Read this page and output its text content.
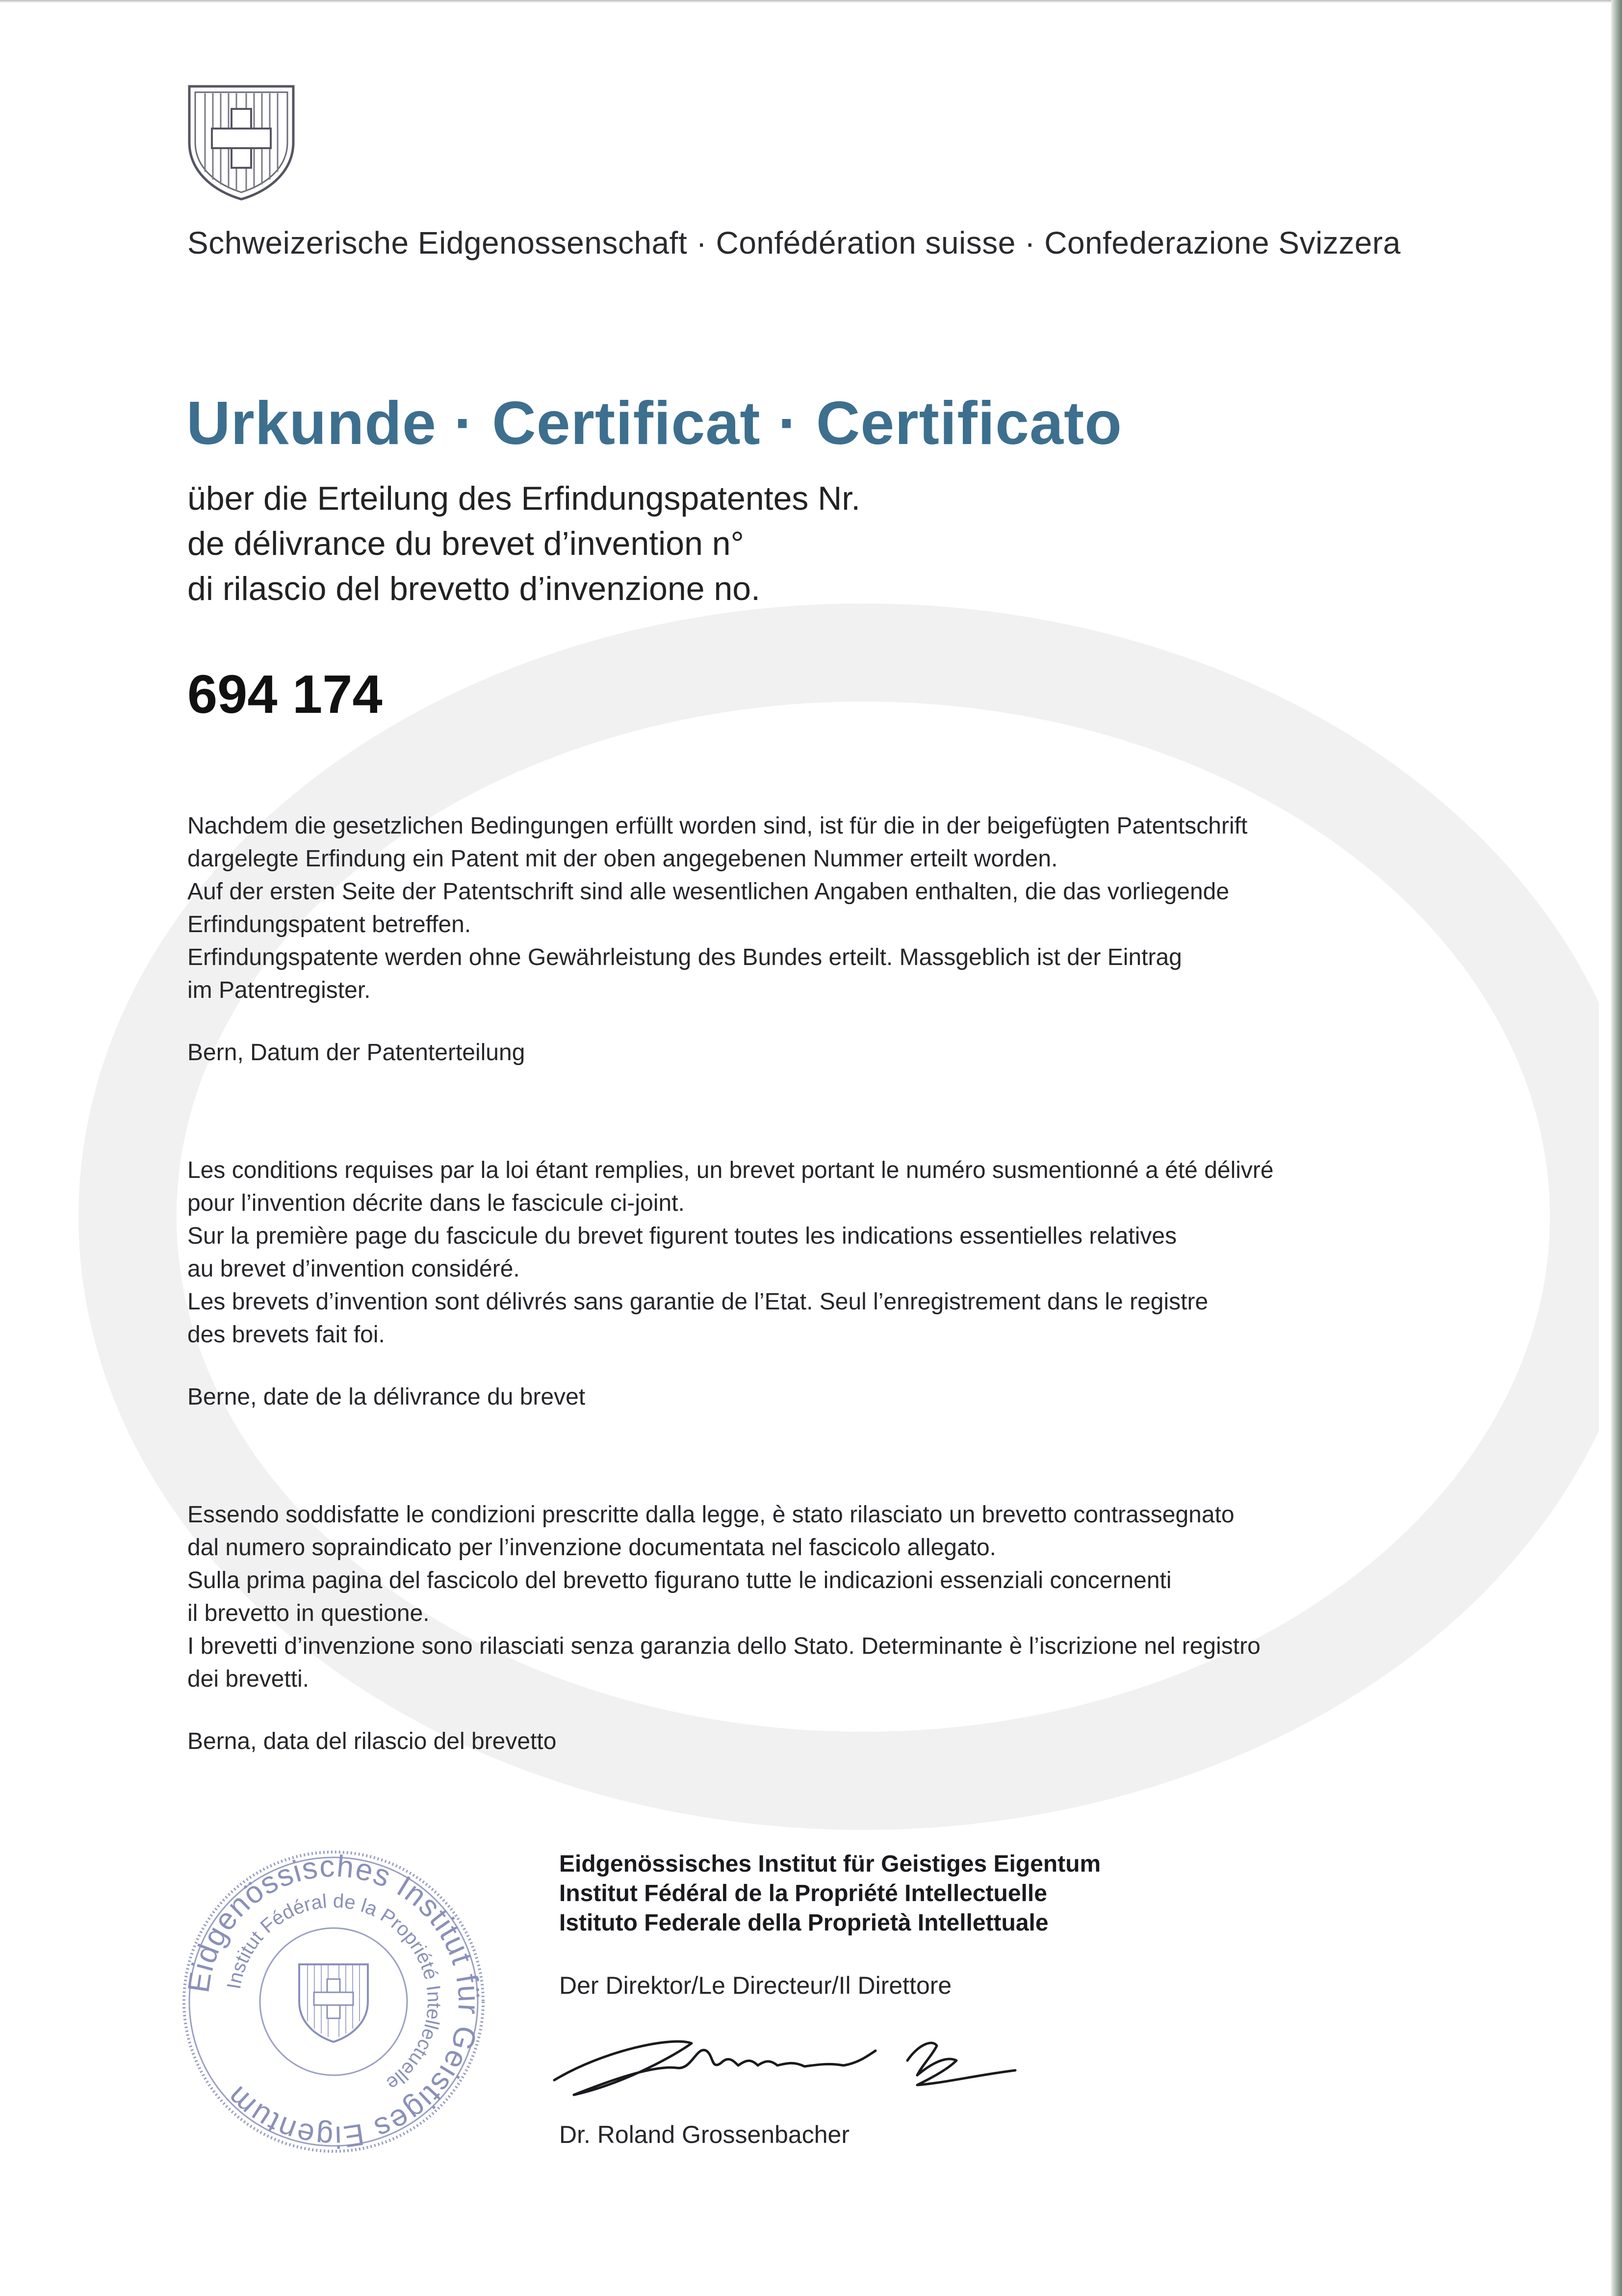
Schweizerische Eidgenossenschaft · Confédération suisse · Confederazione Svizzera
Urkunde · Certificat · Certificato
über die Erteilung des Erfindungspatentes Nr.
de délivrance du brevet d’invention n°
di rilascio del brevetto d’invenzione no.
694 174
Nachdem die gesetzlichen Bedingungen erfüllt worden sind, ist für die in der beigefügten Patentschrift
dargelegte Erfindung ein Patent mit der oben angegebenen Nummer erteilt worden.
Auf der ersten Seite der Patentschrift sind alle wesentlichen Angaben enthalten, die das vorliegende
Erfindungspatent betreffen.
Erfindungspatente werden ohne Gewährleistung des Bundes erteilt. Massgeblich ist der Eintrag
im Patentregister.
Bern, Datum der Patenterteilung
Les conditions requises par la loi étant remplies, un brevet portant le numéro susmentionné a été délivré
pour l’invention décrite dans le fascicule ci-joint.
Sur la première page du fascicule du brevet figurent toutes les indications essentielles relatives
au brevet d’invention considéré.
Les brevets d’invention sont délivrés sans garantie de l’Etat. Seul l’enregistrement dans le registre
des brevets fait foi.
Berne, date de la délivrance du brevet
Essendo soddisfatte le condizioni prescritte dalla legge, è stato rilasciato un brevetto contrassegnato
dal numero sopraindicato per l’invenzione documentata nel fascicolo allegato.
Sulla prima pagina del fascicolo del brevetto figurano tutte le indicazioni essenziali concernenti
il brevetto in questione.
I brevetti d’invenzione sono rilasciati senza garanzia dello Stato. Determinante è l’iscrizione nel registro
dei brevetti.
Berna, data del rilascio del brevetto
Eidgenössisches Institut für Geistiges Eigentum
Institut Fédéral de la Propriété Intellectuelle
Eidgenössisches Institut für Geistiges Eigentum
Institut Fédéral de la Propriété Intellectuelle
Istituto Federale della Proprietà Intellettuale
Der Direktor/Le Directeur/Il Direttore
Dr. Roland Grossenbacher
